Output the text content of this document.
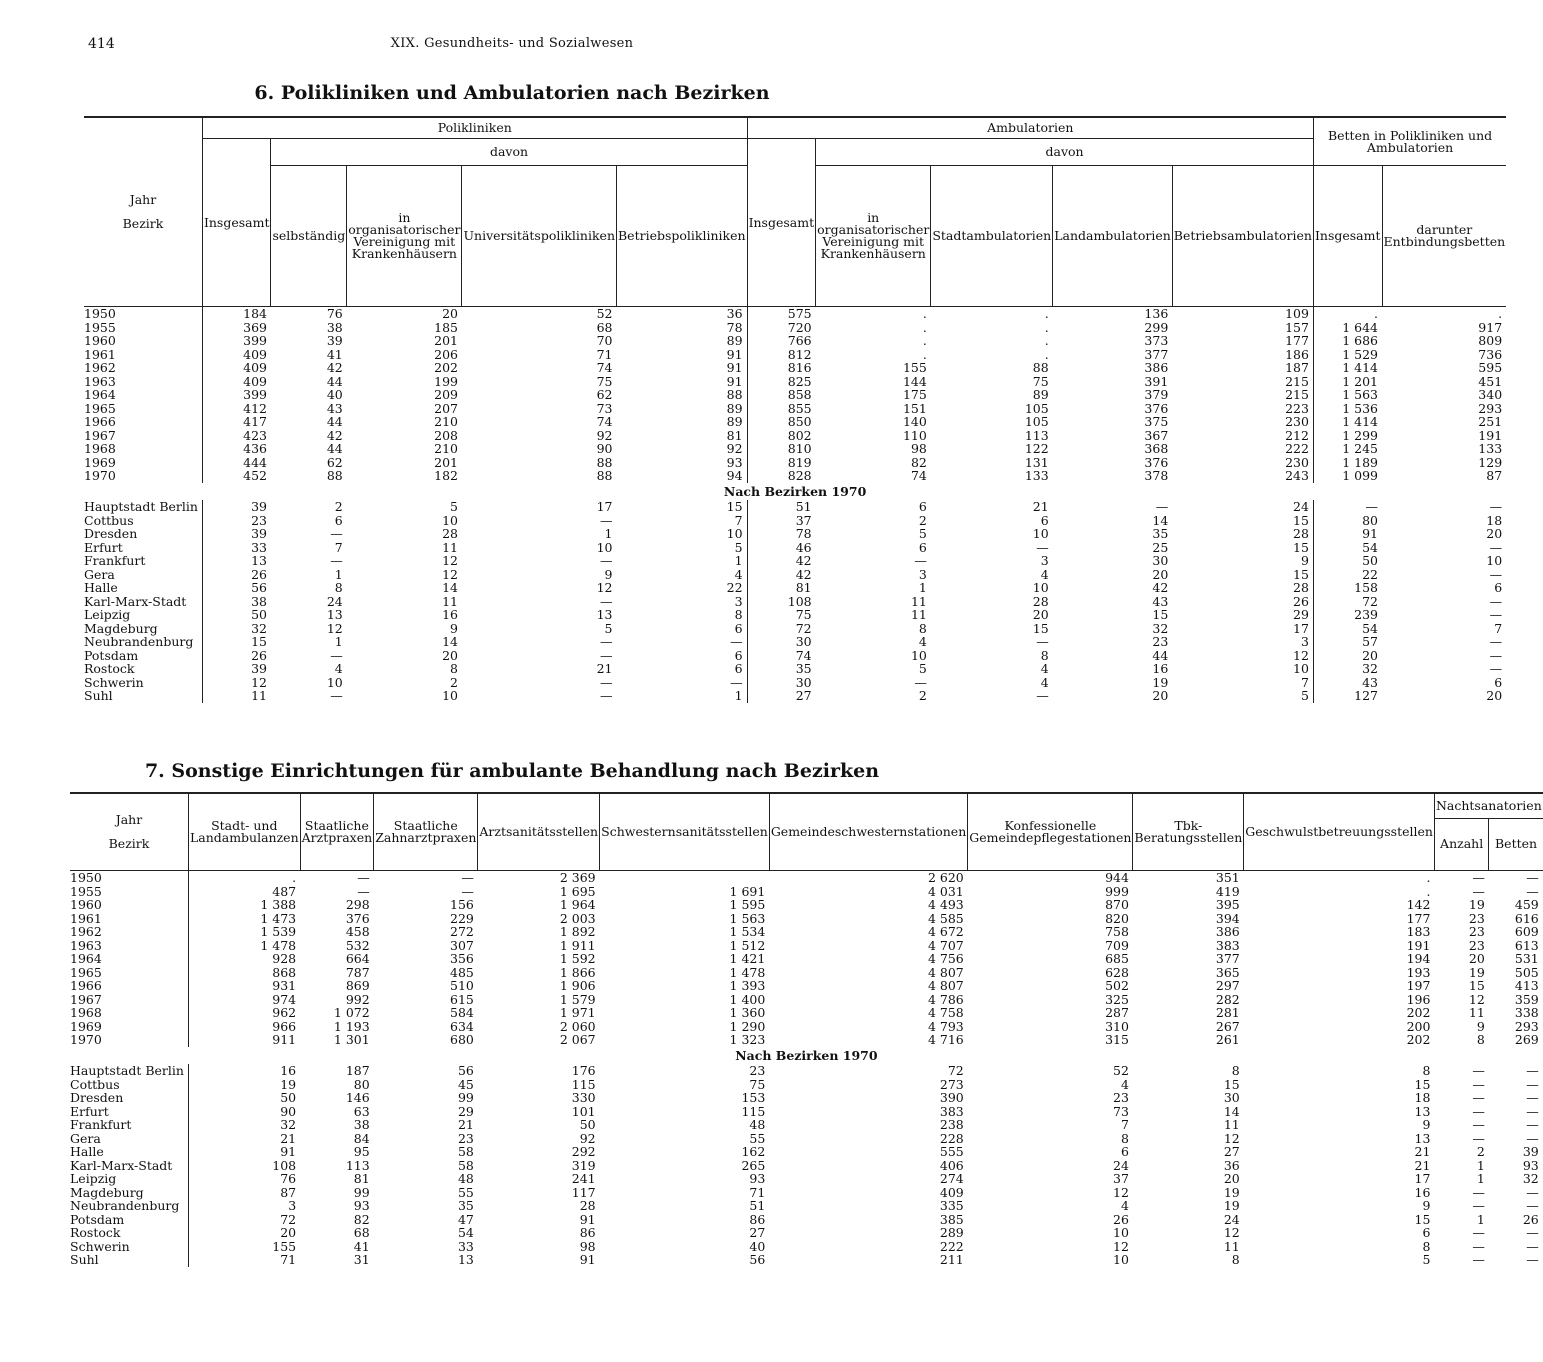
414	XIX. Gesundheits- und Sozialwesen
6. Polikliniken und Ambulatorien nach Bezirken
Jahr

Bezirk	Polikliniken					Ambulatorien					Betten in Polikliniken und Ambulatorien	
	Insgesamt	davon				Insgesamt	davon					
		selbständig	in organisatorischer Vereinigung mit Krankenhäusern	Universitätspolikliniken	Betriebspolikliniken		in organisatorischer Vereinigung mit Krankenhäusern	Stadtambulatorien	Landambulatorien	Betriebsambulatorien	Insgesamt	darunter Entbindungsbetten
1950	184	76	20	52	36	575	.	.	136	109	.	.
1955	369	38	185	68	78	720	.	.	299	157	1 644	917
1960	399	39	201	70	89	766	.	.	373	177	1 686	809
1961	409	41	206	71	91	812	.	.	377	186	1 529	736
1962	409	42	202	74	91	816	155	88	386	187	1 414	595
1963	409	44	199	75	91	825	144	75	391	215	1 201	451
1964	399	40	209	62	88	858	175	89	379	215	1 563	340
1965	412	43	207	73	89	855	151	105	376	223	1 536	293
1966	417	44	210	74	89	850	140	105	375	230	1 414	251
1967	423	42	208	92	81	802	110	113	367	212	1 299	191
1968	436	44	210	90	92	810	98	122	368	222	1 245	133
1969	444	62	201	88	93	819	82	131	376	230	1 189	129
1970	452	88	182	88	94	828	74	133	378	243	1 099	87
Nach Bezirken 1970												
Hauptstadt Berlin	39	2	5	17	15	51	6	21	—	24	—	—
Cottbus	23	6	10	—	7	37	2	6	14	15	80	18
Dresden	39	—	28	1	10	78	5	10	35	28	91	20
Erfurt	33	7	11	10	5	46	6	—	25	15	54	—
Frankfurt	13	—	12	—	1	42	—	3	30	9	50	10
Gera	26	1	12	9	4	42	3	4	20	15	22	—
Halle	56	8	14	12	22	81	1	10	42	28	158	6
Karl-Marx-Stadt	38	24	11	—	3	108	11	28	43	26	72	—
Leipzig	50	13	16	13	8	75	11	20	15	29	239	—
Magdeburg	32	12	9	5	6	72	8	15	32	17	54	7
Neubrandenburg	15	1	14	—	—	30	4	—	23	3	57	—
Potsdam	26	—	20	—	6	74	10	8	44	12	20	—
Rostock	39	4	8	21	6	35	5	4	16	10	32	—
Schwerin	12	10	2	—	—	30	—	4	19	7	43	6
Suhl	11	—	10	—	1	27	2	—	20	5	127	20
7. Sonstige Einrichtungen für ambulante Behandlung nach Bezirken
Jahr

Bezirk	Stadt- und Landambulanzen	Staatliche Arztpraxen	Staatliche Zahnarztpraxen	Arztsanitätsstellen	Schwesternsanitätsstellen	Gemeindeschwesternstationen	Konfessionelle Gemeindepflegestationen	Tbk-Beratungsstellen	Geschwulstbetreuungsstellen	Nachtsanatorien	
										Anzahl	Betten
1950	.	—	—	2 369		2 620	944	351	.	—	—
1955	487	—	—	1 695	1 691	4 031	999	419	.	—	—
1960	1 388	298	156	1 964	1 595	4 493	870	395	142	19	459
1961	1 473	376	229	2 003	1 563	4 585	820	394	177	23	616
1962	1 539	458	272	1 892	1 534	4 672	758	386	183	23	609
1963	1 478	532	307	1 911	1 512	4 707	709	383	191	23	613
1964	928	664	356	1 592	1 421	4 756	685	377	194	20	531
1965	868	787	485	1 866	1 478	4 807	628	365	193	19	505
1966	931	869	510	1 906	1 393	4 807	502	297	197	15	413
1967	974	992	615	1 579	1 400	4 786	325	282	196	12	359
1968	962	1 072	584	1 971	1 360	4 758	287	281	202	11	338
1969	966	1 193	634	2 060	1 290	4 793	310	267	200	9	293
1970	911	1 301	680	2 067	1 323	4 716	315	261	202	8	269
Nach Bezirken 1970											
Hauptstadt Berlin	16	187	56	176	23	72	52	8	8	—	—
Cottbus	19	80	45	115	75	273	4	15	15	—	—
Dresden	50	146	99	330	153	390	23	30	18	—	—
Erfurt	90	63	29	101	115	383	73	14	13	—	—
Frankfurt	32	38	21	50	48	238	7	11	9	—	—
Gera	21	84	23	92	55	228	8	12	13	—	—
Halle	91	95	58	292	162	555	6	27	21	2	39
Karl-Marx-Stadt	108	113	58	319	265	406	24	36	21	1	93
Leipzig	76	81	48	241	93	274	37	20	17	1	32
Magdeburg	87	99	55	117	71	409	12	19	16	—	—
Neubrandenburg	3	93	35	28	51	335	4	19	9	—	—
Potsdam	72	82	47	91	86	385	26	24	15	1	26
Rostock	20	68	54	86	27	289	10	12	6	—	—
Schwerin	155	41	33	98	40	222	12	11	8	—	—
Suhl	71	31	13	91	56	211	10	8	5	—	—
